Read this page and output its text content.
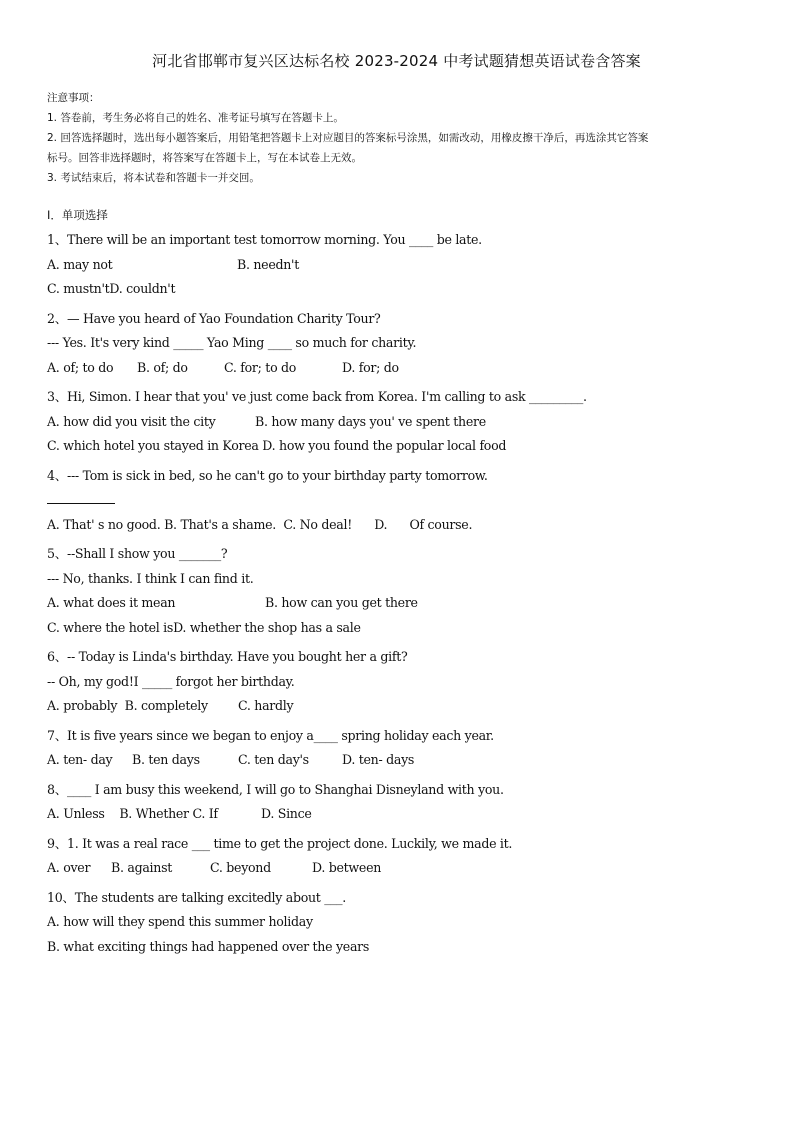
河北省邯郸市复兴区达标名校 2023-2024 中考试题猜想英语试卷含答案
注意事项：
1. 答卷前，考生务必将自己的姓名、准考证号填写在答题卡上。
2. 回答选择题时，选出每小题答案后，用铅笔把答题卡上对应题目的答案标号涂黑，如需改动，用橡皮擦干净后，再选涂其它答案
标号。回答非选择题时，将答案写在答题卡上，写在本试卷上无效。
3. 考试结束后，将本试卷和答题卡一并交回。
Ⅰ．单项选择
1、There will be an important test tomorrow morning. You ____ be late.
A. may not	B. needn't
C. mustn'tD. couldn't
2、— Have you heard of Yao Foundation Charity Tour?
--- Yes. It's very kind _____ Yao Ming ____ so much for charity.
A. of; to do B. of; do	C. for; to do	D. for; do
3、Hi, Simon. I hear that you' ve just come back from Korea. I'm calling to ask _________.
A. how did you visit the city	B. how many days you' ve spent there
C. which hotel you stayed in Korea D. how you found the popular local food
4、--- Tom is sick in bed, so he can't go to your birthday party tomorrow.
A. That' s no good. B. That's a shame.  C. No deal!      D.      Of course.
5、--Shall I show you _______?
--- No, thanks. I think I can find it.
A. what does it mean	B. how can you get there
C. where the hotel isD. whether the shop has a sale
6、-- Today is Linda's birthday. Have you bought her a gift?
-- Oh, my god!I _____ forgot her birthday.
A. probably  B. completely C. hardly
7、It is five years since we began to enjoy a____ spring holiday each year.
A. ten- day B. ten days	C. ten day's	D. ten- days
8、____ I am busy this weekend, I will go to Shanghai Disneyland with you.
A. Unless    B. Whether C. If	D. Since
9、1. It was a real race ___ time to get the project done. Luckily, we made it.
A. over B. against	C. beyond	D. between
10、The students are talking excitedly about ___.
A. how will they spend this summer holiday
B. what exciting things had happened over the years
